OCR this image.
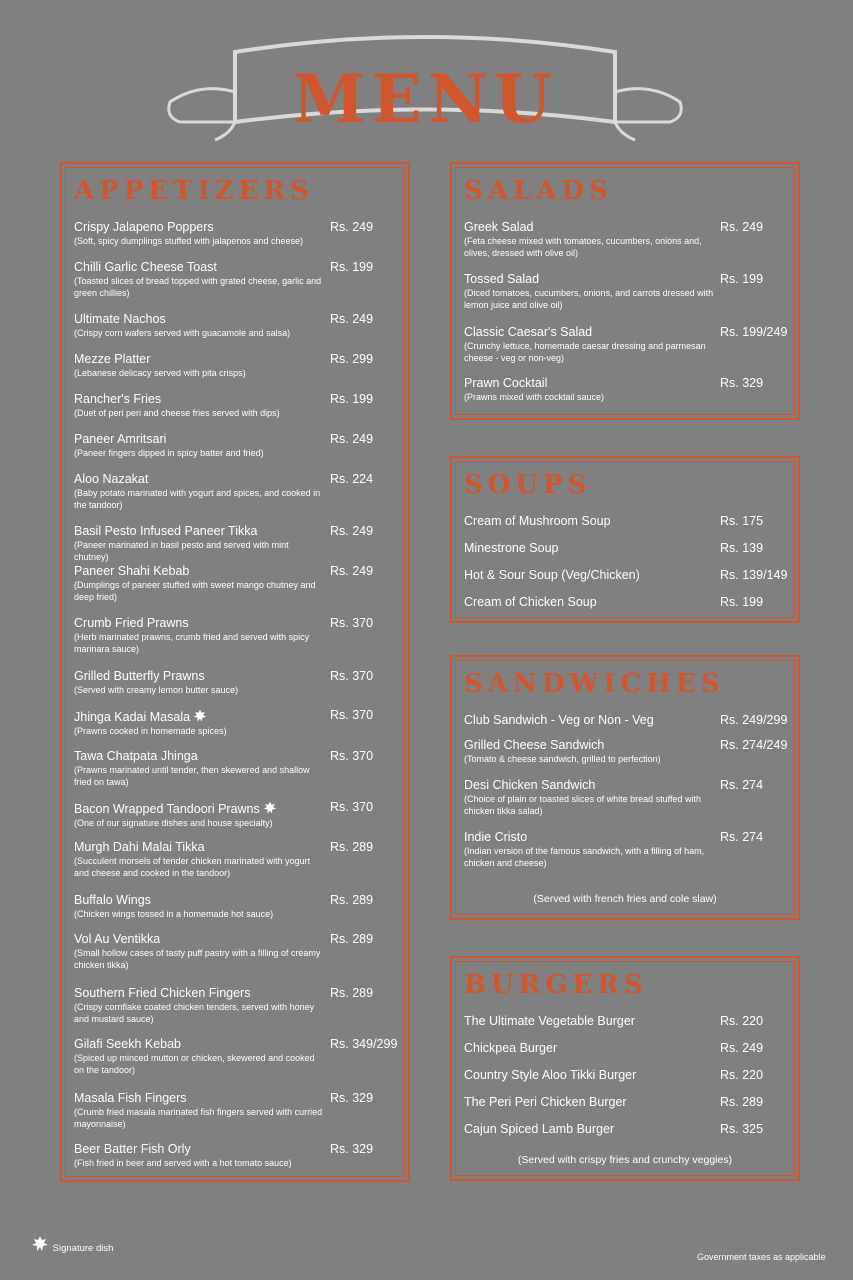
MENU
APPETIZERS
Crispy Jalapeno Poppers
(Soft, spicy dumplings stuffed with jalapenos and cheese)
Rs. 249
Chilli Garlic Cheese Toast
(Toasted slices of bread topped with grated cheese, garlic and green chillies)
Rs. 199
Ultimate Nachos
(Crispy corn wafers served with guacamole and salsa)
Rs. 249
Mezze Platter
(Lebanese delicacy served with pita crisps)
Rs. 299
Rancher's Fries
(Duet of peri peri and cheese fries served with dips)
Rs. 199
Paneer Amritsari
(Paneer fingers dipped in spicy batter and fried)
Rs. 249
Aloo Nazakat
(Baby potato marinated with yogurt and spices, and cooked in the tandoor)
Rs. 224
Basil Pesto Infused Paneer Tikka
(Paneer marinated in basil pesto and served with mint chutney)
Rs. 249
Paneer Shahi Kebab
(Dumplings of paneer stuffed with sweet mango chutney and deep fried)
Rs. 249
Crumb Fried Prawns
(Herb marinated prawns, crumb fried and served with spicy marinara sauce)
Rs. 370
Grilled Butterfly Prawns
(Served with creamy lemon butter sauce)
Rs. 370
Jhinga Kadai Masala
(Prawns cooked in homemade spices)
Rs. 370
Tawa Chatpata Jhinga
(Prawns marinated until tender, then skewered and shallow fried on tawa)
Rs. 370
Bacon Wrapped Tandoori Prawns
(One of our signature dishes and house specialty)
Rs. 370
Murgh Dahi Malai Tikka
(Succulent morsels of tender chicken marinated with yogurt and cheese and cooked in the tandoor)
Rs. 289
Buffalo Wings
(Chicken wings tossed in a homemade hot sauce)
Rs. 289
Vol Au Ventikka
(Small hollow cases of tasty puff pastry with a filling of creamy chicken tikka)
Rs. 289
Southern Fried Chicken Fingers
(Crispy cornflake coated chicken tenders, served with honey and mustard sauce)
Rs. 289
Gilafi Seekh Kebab
(Spiced up minced mutton or chicken, skewered and cooked on the tandoor)
Rs. 349/299
Masala Fish Fingers
(Crumb fried masala marinated fish fingers served with curried mayonnaise)
Rs. 329
Beer Batter Fish Orly
(Fish fried in beer and served with a hot tomato sauce)
Rs. 329
SALADS
Greek Salad
(Feta cheese mixed with tomatoes, cucumbers, onions and, olives, dressed with olive oil)
Rs. 249
Tossed Salad
(Diced tomatoes, cucumbers, onions, and carrots dressed with lemon juice and olive oil)
Rs. 199
Classic Caesar's Salad
(Crunchy lettuce, homemade caesar dressing and parmesan cheese - veg or non-veg)
Rs. 199/249
Prawn Cocktail
(Prawns mixed with cocktail sauce)
Rs. 329
SOUPS
Cream of Mushroom Soup	Rs. 175
Minestrone Soup	Rs. 139
Hot & Sour Soup (Veg/Chicken)	Rs. 139/149
Cream of Chicken Soup	Rs. 199
SANDWICHES
Club Sandwich - Veg or Non - Veg	Rs. 249/299
Grilled Cheese Sandwich
(Tomato & cheese sandwich, grilled to perfection)
Rs. 274/249
Desi Chicken Sandwich
(Choice of plain or toasted slices of white bread stuffed with chicken tikka salad)
Rs. 274
Indie Cristo
(Indian version of the famous sandwich, with a filling of ham, chicken and cheese)
Rs. 274
(Served with french fries and cole slaw)
BURGERS
The Ultimate Vegetable Burger	Rs. 220
Chickpea Burger	Rs. 249
Country Style Aloo Tikki Burger	Rs. 220
The Peri Peri Chicken Burger	Rs. 289
Cajun Spiced Lamb Burger	Rs. 325
(Served with crispy fries and crunchy veggies)
Signature dish
Government taxes as applicable
